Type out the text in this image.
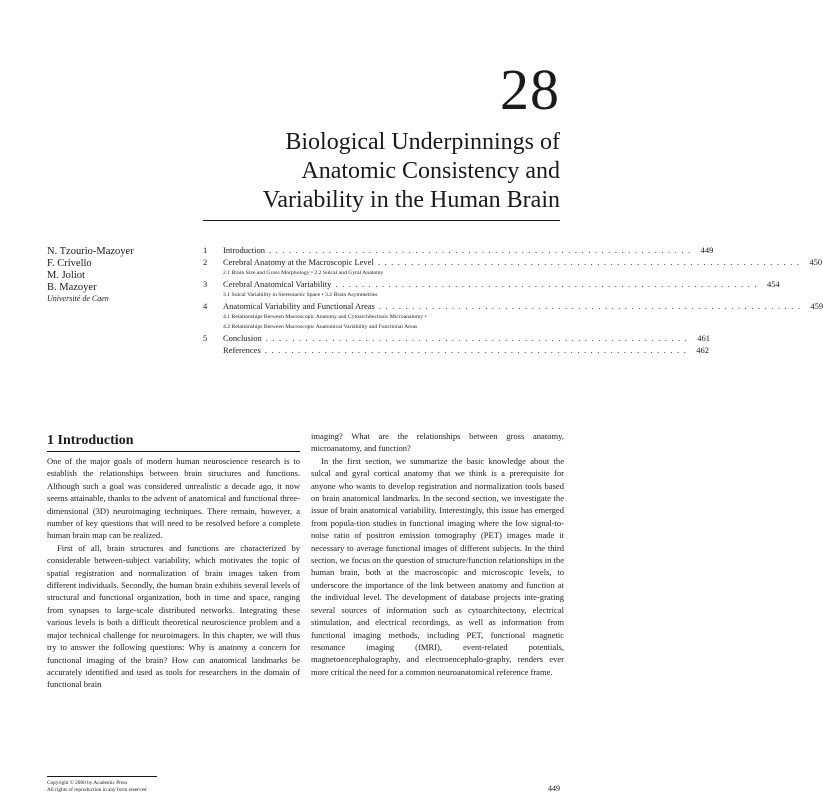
28
Biological Underpinnings of
Anatomic Consistency and
Variability in the Human Brain
N. Tzourio-Mazoyer
F. Crivello
M. Joliot
B. Mazoyer
Université de Caen
1	Introduction . . . . . . . . . . . . . . . . . . . . . . . . . . . . . . . . . . . . . . . . . . . . . . . . . . . . . . . . . . . . . . . .	449
2	Cerebral Anatomy at the Macroscopic Level . . . . . . . . . . . . . . . . . . . . . . . . . . . . . . . . . . . . . . . . . . . . . . . . . . . . . . . . . . . . . . . .	450
2.1 Brain Size and Gross Morphology • 2.2 Sulcal and Gyral Anatomy
3	Cerebral Anatomical Variability . . . . . . . . . . . . . . . . . . . . . . . . . . . . . . . . . . . . . . . . . . . . . . . . . . . . . . . . . . . . . . . .	454
3.1 Sulcal Variability in Stereotactic Space • 3.2 Brain Asymmetries
4	Anatomical Variability and Functional Areas . . . . . . . . . . . . . . . . . . . . . . . . . . . . . . . . . . . . . . . . . . . . . . . . . . . . . . . . . . . . . . . .	459
4.1 Relationships Between Macroscopic Anatomy and Cytoarchitectonic Microanatomy •
4.2 Relationships Between Macroscopic Anatomical Variability and Functional Areas
5	Conclusion . . . . . . . . . . . . . . . . . . . . . . . . . . . . . . . . . . . . . . . . . . . . . . . . . . . . . . . . . . . . . . . .	461
References . . . . . . . . . . . . . . . . . . . . . . . . . . . . . . . . . . . . . . . . . . . . . . . . . . . . . . . . . . . . . . . .	462
1 Introduction

One of the major goals of modern human neuroscience research is to establish the relationships between brain structures and functions. Although such a goal was considered unrealistic a decade ago, it now seems attainable, thanks to the advent of anatomical and functional three-dimensional (3D) neuroimaging techniques. There remain, however, a number of key questions that will need to be resolved before a complete human brain map can be realized.

First of all, brain structures and functions are characterized by considerable between-subject variability, which motivates the topic of spatial registration and normalization of brain images taken from different individuals. Secondly, the human brain exhibits several levels of structural and functional organization, both in time and space, ranging from synapses to large-scale distributed networks. Integrating these various levels is both a difficult theoretical neuroscience problem and a major technical challenge for neuroimagers. In this chapter, we will thus try to answer the following questions: Why is anatomy a concern for functional imaging of the brain? How can anatomical landmarks be accurately identified and used as tools for researchers in the domain of functional brain

imaging? What are the relationships between gross anatomy, microanatomy, and function?

In the first section, we summarize the basic knowledge about the sulcal and gyral cortical anatomy that we think is a prerequisite for anyone who wants to develop registration and normalization tools based on brain anatomical landmarks. In the second section, we investigate the issue of brain anatomical variability. Interestingly, this issue has emerged from popula-tion studies in functional imaging where the low signal-to-noise ratio of positron emission tomography (PET) images made it necessary to average functional images of different subjects. In the third section, we focus on the question of structure/function relationships in the human brain, both at the macroscopic and microscopic levels, to underscore the importance of the link between anatomy and function at the individual level. The development of database projects inte-grating several sources of information such as cytoarchitectony, electrical stimulation, and electrical recordings, as well as information from functional imaging methods, including PET, functional magnetic resonance imaging (fMRI), event-related potentials, magnetoencephalography, and electroencephalo-graphy, renders ever more critical the need for a common neuroanatomical reference frame.

Copyright © 2000 by Academic Press
All rights of reproduction in any form reserved	449
